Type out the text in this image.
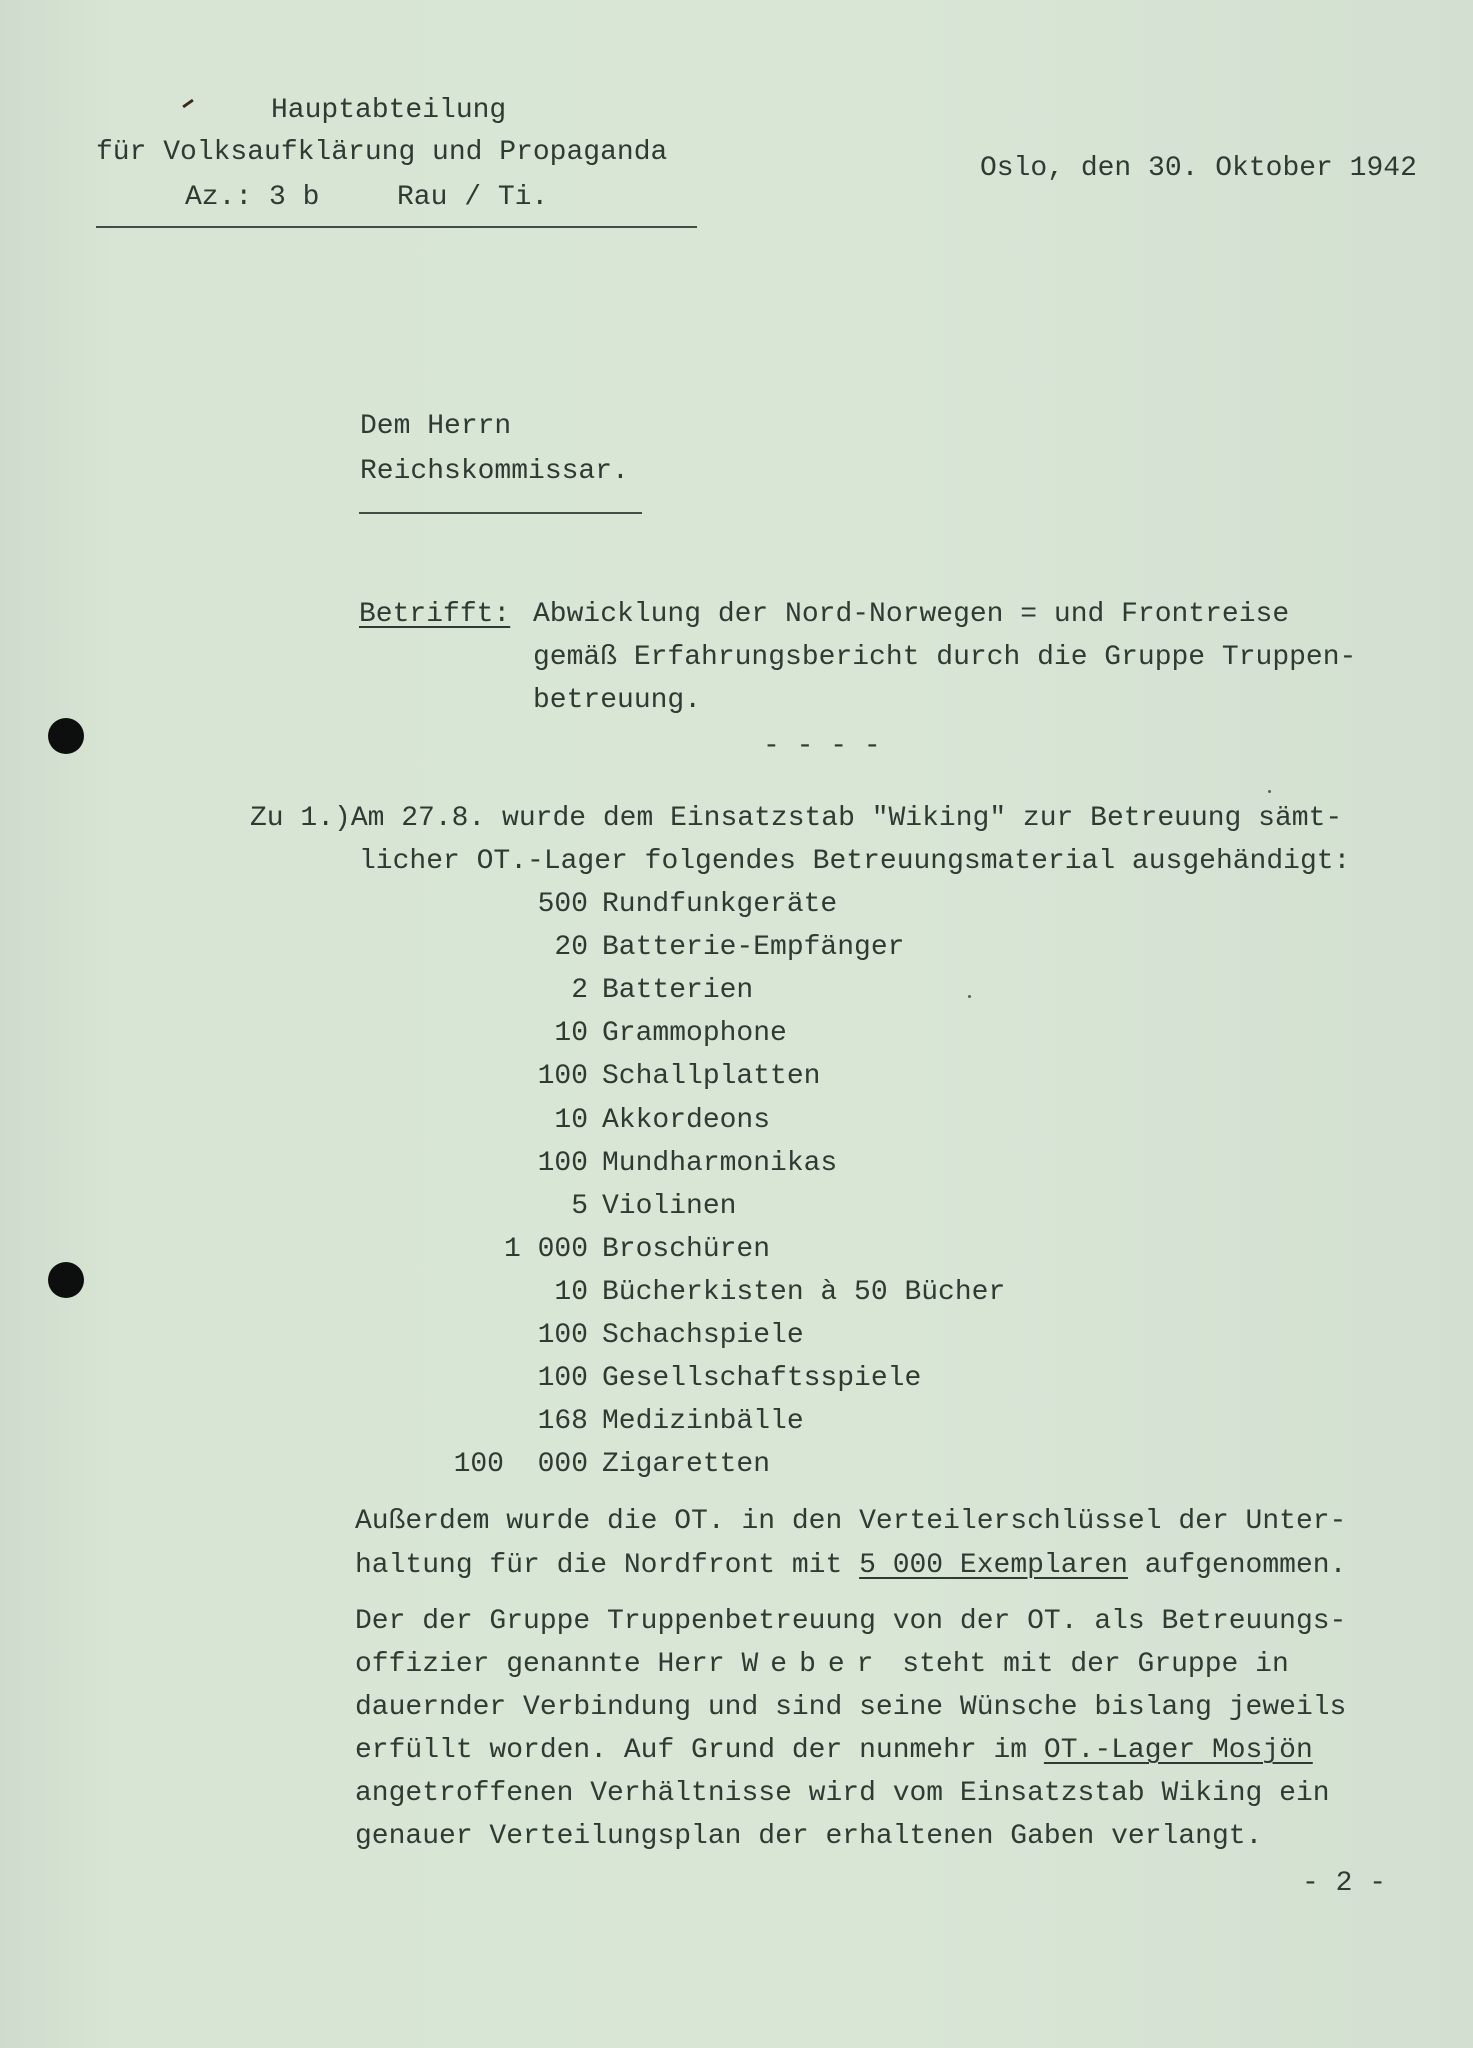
Hauptabteilung
für Volksaufklärung und Propaganda
Az.: 3 b	Rau / Ti.
Oslo, den 30. Oktober 1942
Dem Herrn
Reichskommissar.
Betrifft: Abwicklung der Nord-Norwegen = und Frontreise
gemäß Erfahrungsbericht durch die Gruppe Truppen-
betreuung.
- - - -
Zu 1.)Am 27.8. wurde dem Einsatzstab "Wiking" zur Betreuung sämt-
licher OT.-Lager folgendes Betreuungsmaterial ausgehändigt:
500 Rundfunkgeräte
20 Batterie-Empfänger
2 Batterien
10 Grammophone
100 Schallplatten
10 Akkordeons
100 Mundharmonikas
5 Violinen
1 000 Broschüren
10 Bücherkisten à 50 Bücher
100 Schachspiele
100 Gesellschaftsspiele
168 Medizinbälle
100  000 Zigaretten
Außerdem wurde die OT. in den Verteilerschlüssel der Unter-
haltung für die Nordfront mit 5 000 Exemplaren aufgenommen.
Der der Gruppe Truppenbetreuung von der OT. als Betreuungs-
offizier genannte Herr Weber steht mit der Gruppe in
dauernder Verbindung und sind seine Wünsche bislang jeweils
erfüllt worden. Auf Grund der nunmehr im OT.-Lager Mosjön
angetroffenen Verhältnisse wird vom Einsatzstab Wiking ein
genauer Verteilungsplan der erhaltenen Gaben verlangt.
- 2 -
